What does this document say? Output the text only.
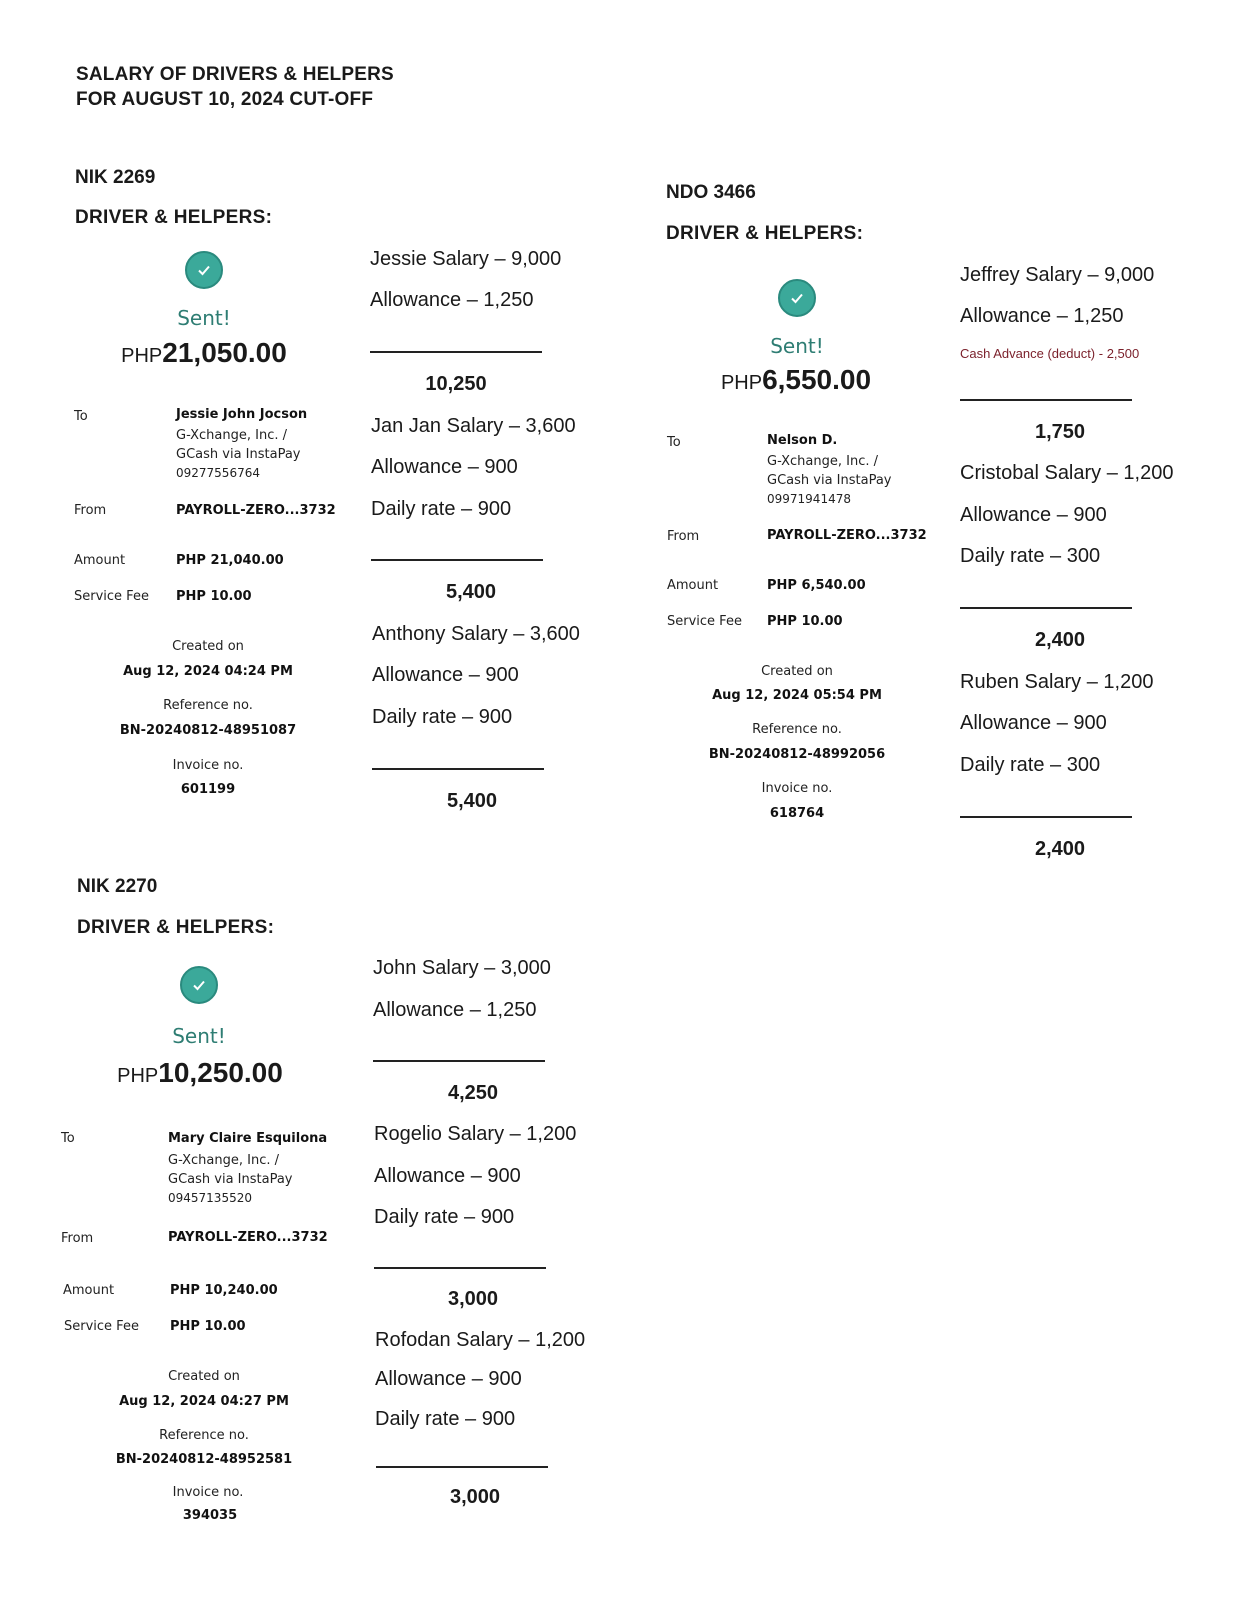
SALARY OF DRIVERS & HELPERS
FOR AUGUST 10, 2024 CUT-OFF
NIK 2269
DRIVER & HELPERS:
Sent!
PHP21,050.00
To	Jessie John Jocson
G-Xchange, Inc. /
GCash via InstaPay
09277556764
From	PAYROLL-ZERO...3732
Amount	PHP 21,040.00
Service Fee PHP 10.00
Created on
Aug 12, 2024 04:24 PM
Reference no.
BN-20240812-48951087
Invoice no.
601199
Jessie Salary – 9,000
Allowance – 1,250
10,250
Jan Jan Salary – 3,600
Allowance – 900
Daily rate – 900
5,400
Anthony Salary – 3,600
Allowance – 900
Daily rate – 900
5,400
NDO 3466
DRIVER & HELPERS:
Sent!
PHP6,550.00
To	Nelson D.
G-Xchange, Inc. /
GCash via InstaPay
09971941478
From	PAYROLL-ZERO...3732
Amount	PHP 6,540.00
Service Fee PHP 10.00
Created on
Aug 12, 2024 05:54 PM
Reference no.
BN-20240812-48992056
Invoice no.
618764
Jeffrey Salary – 9,000
Allowance – 1,250
Cash Advance (deduct) - 2,500
1,750
Cristobal Salary – 1,200
Allowance – 900
Daily rate – 300
2,400
Ruben Salary – 1,200
Allowance – 900
Daily rate – 300
2,400
NIK 2270
DRIVER & HELPERS:
Sent!
PHP10,250.00
To	Mary Claire Esquilona
G-Xchange, Inc. /
GCash via InstaPay
09457135520
From	PAYROLL-ZERO...3732
Amount	PHP 10,240.00
Service Fee PHP 10.00
Created on
Aug 12, 2024 04:27 PM
Reference no.
BN-20240812-48952581
Invoice no.
394035
John Salary – 3,000
Allowance – 1,250
4,250
Rogelio Salary – 1,200
Allowance – 900
Daily rate – 900
3,000
Rofodan Salary – 1,200
Allowance – 900
Daily rate – 900
3,000
